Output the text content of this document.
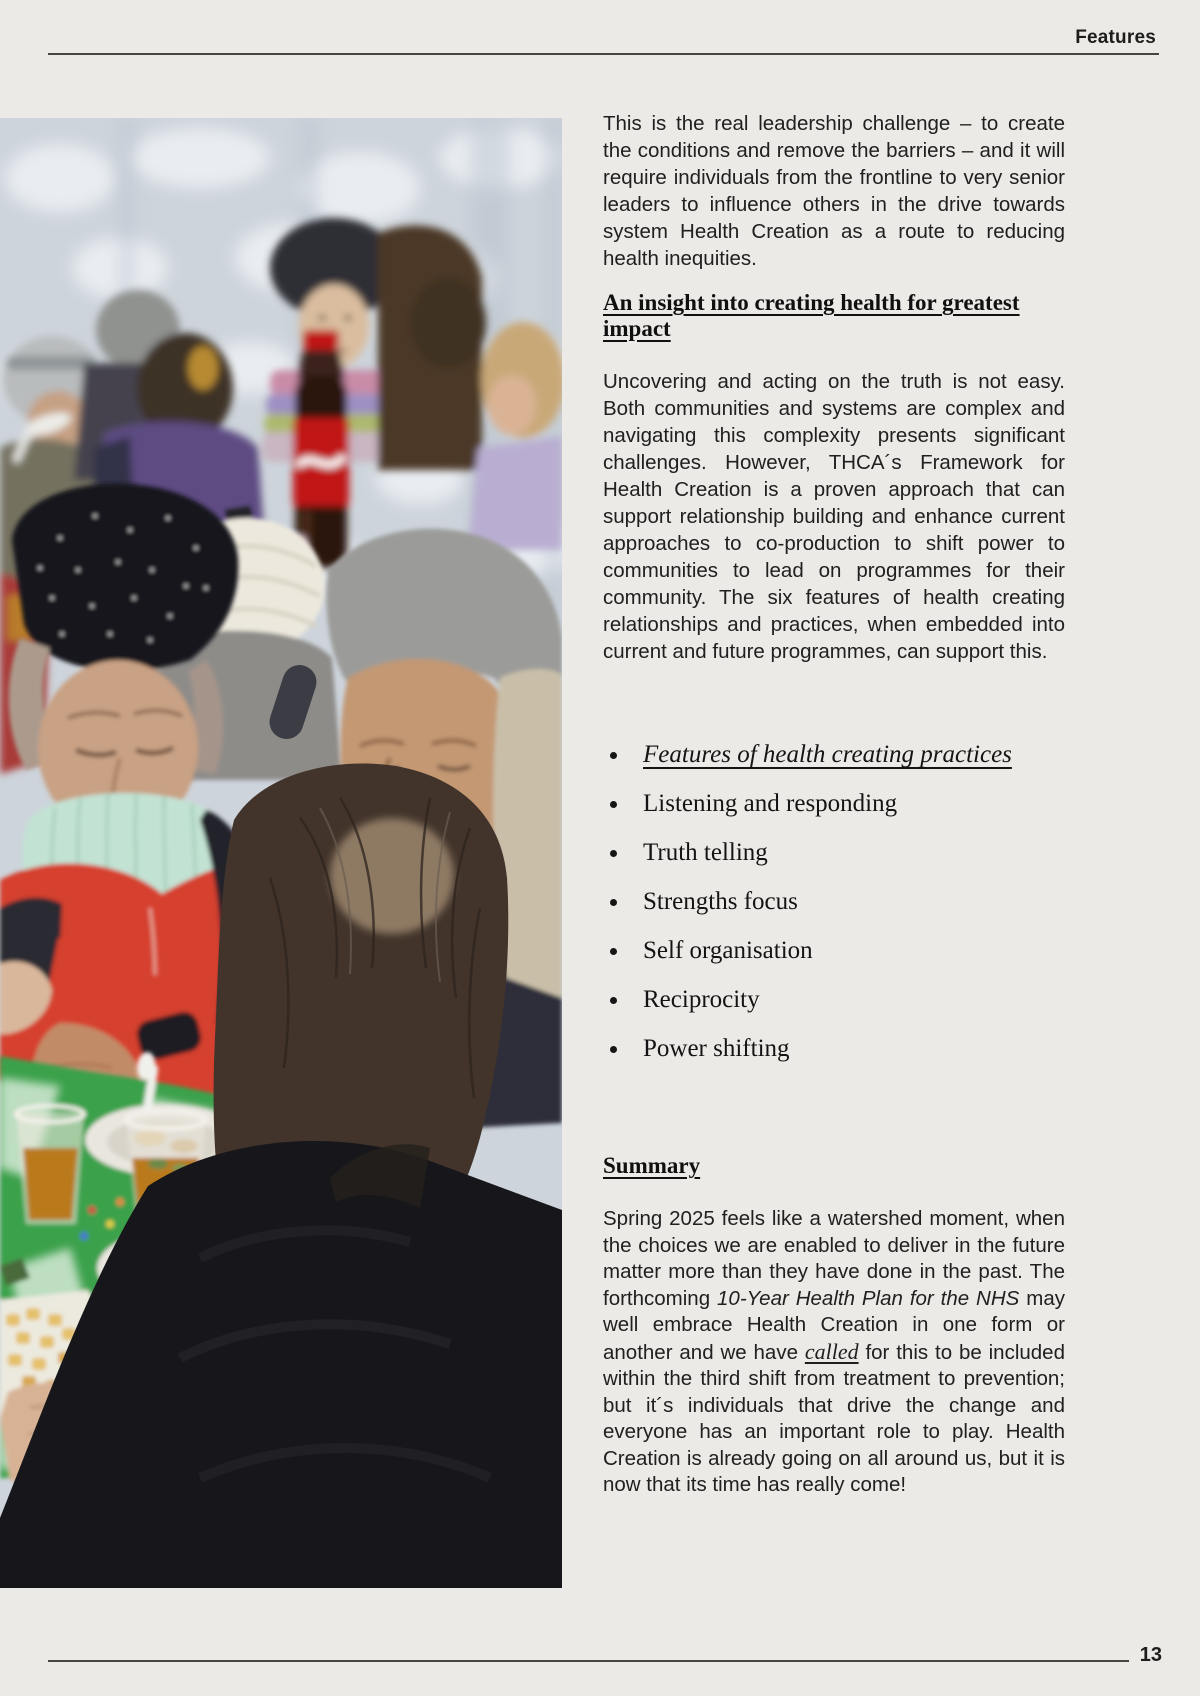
Features

This is the real leadership challenge – to create the conditions and remove the barriers – and it will require individuals from the frontline to very senior leaders to influence others in the drive towards system Health Creation as a route to reducing health inequities.

An insight into creating health for greatest impact

Uncovering and acting on the truth is not easy. Both communities and systems are complex and navigating this complexity presents significant challenges. However, THCA´s Framework for Health Creation is a proven approach that can support relationship building and enhance current approaches to co-production to shift power to communities to lead on programmes for their community. The six features of health creating relationships and practices, when embedded into current and future programmes, can support this.

Features of health creating practices
Listening and responding
Truth telling
Strengths focus
Self organisation
Reciprocity
Power shifting
Summary

Spring 2025 feels like a watershed moment, when the choices we are enabled to deliver in the future matter more than they have done in the past. The forthcoming 10-Year Health Plan for the NHS may well embrace Health Creation in one form or another and we have called for this to be included within the third shift from treatment to prevention; but it´s individuals that drive the change and everyone has an important role to play. Health Creation is already going on all around us, but it is now that its time has really come!

13
